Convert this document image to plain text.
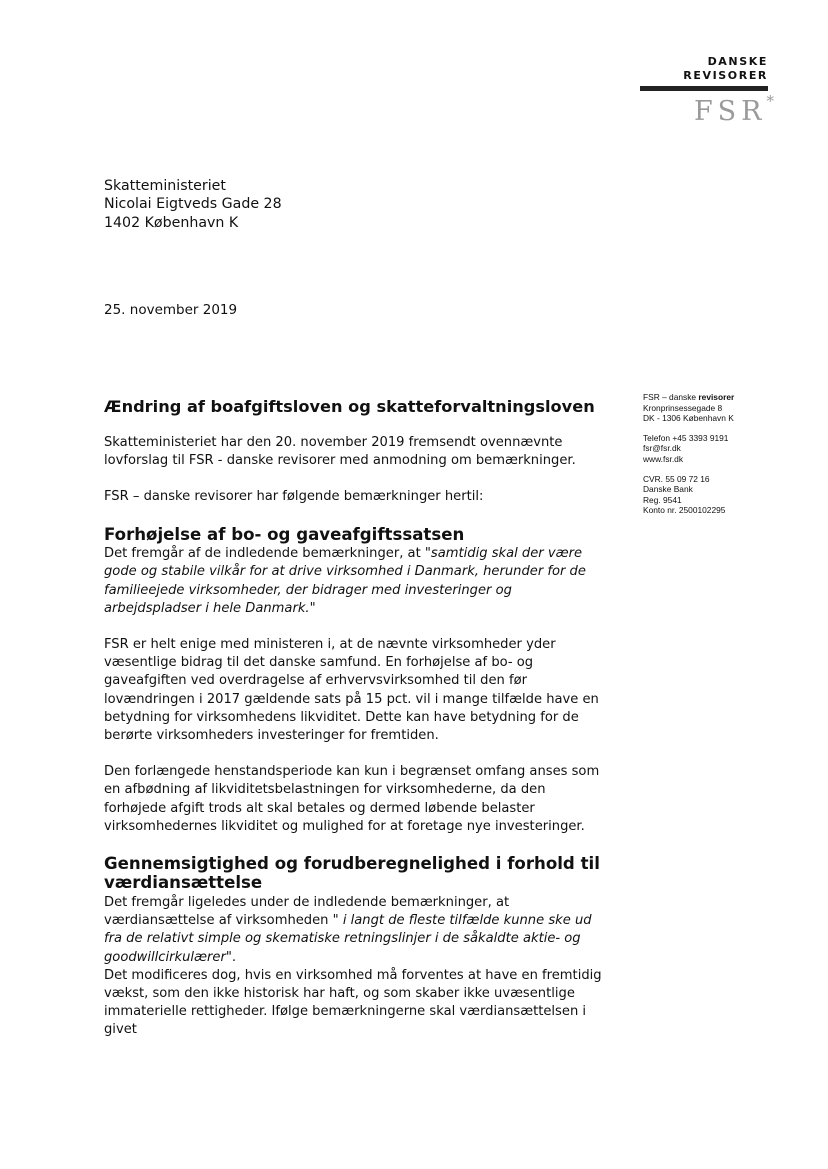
DANSKE
REVISORER
FSR*
Skatteministeriet
Nicolai Eigtveds Gade 28
1402 København K
25. november 2019
FSR – danske revisorer
Kronprinsessegade 8
DK - 1306 København K
Telefon +45 3393 9191
fsr@fsr.dk
www.fsr.dk
CVR. 55 09 72 16
Danske Bank
Reg. 9541
Konto nr. 2500102295
Ændring af boafgiftsloven og skatteforvaltningsloven

Skatteministeriet har den 20. november 2019 fremsendt ovennævnte lovforslag til FSR - danske revisorer med anmodning om bemærkninger.

FSR – danske revisorer har følgende bemærkninger hertil:

Forhøjelse af bo- og gaveafgiftssatsen

Det fremgår af de indledende bemærkninger, at "samtidig skal der være gode og stabile vilkår for at drive virksomhed i Danmark, herunder for de familieejede virksomheder, der bidrager med investeringer og arbejdspladser i hele Danmark."

FSR er helt enige med ministeren i, at de nævnte virksomheder yder væsentlige bidrag til det danske samfund. En forhøjelse af bo- og gaveafgiften ved overdragelse af erhvervsvirksomhed til den før lovændringen i 2017 gældende sats på 15 pct. vil i mange tilfælde have en betydning for virksomhedens likviditet. Dette kan have betydning for de berørte virksomheders investeringer for fremtiden.

Den forlængede henstandsperiode kan kun i begrænset omfang anses som en afbødning af likviditetsbelastningen for virksomhederne, da den forhøjede afgift trods alt skal betales og dermed løbende belaster virksomhedernes likviditet og mulighed for at foretage nye investeringer.

Gennemsigtighed og forudberegnelighed i forhold til værdiansættelse

Det fremgår ligeledes under de indledende bemærkninger, at værdiansættelse af virksomheden " i langt de fleste tilfælde kunne ske ud fra de relativt simple og skematiske retningslinjer i de såkaldte aktie- og goodwillcirkulærer".

Det modificeres dog, hvis en virksomhed må forventes at have en fremtidig vækst, som den ikke historisk har haft, og som skaber ikke uvæsentlige immaterielle rettigheder. Ifølge bemærkningerne skal værdiansættelsen i givet
